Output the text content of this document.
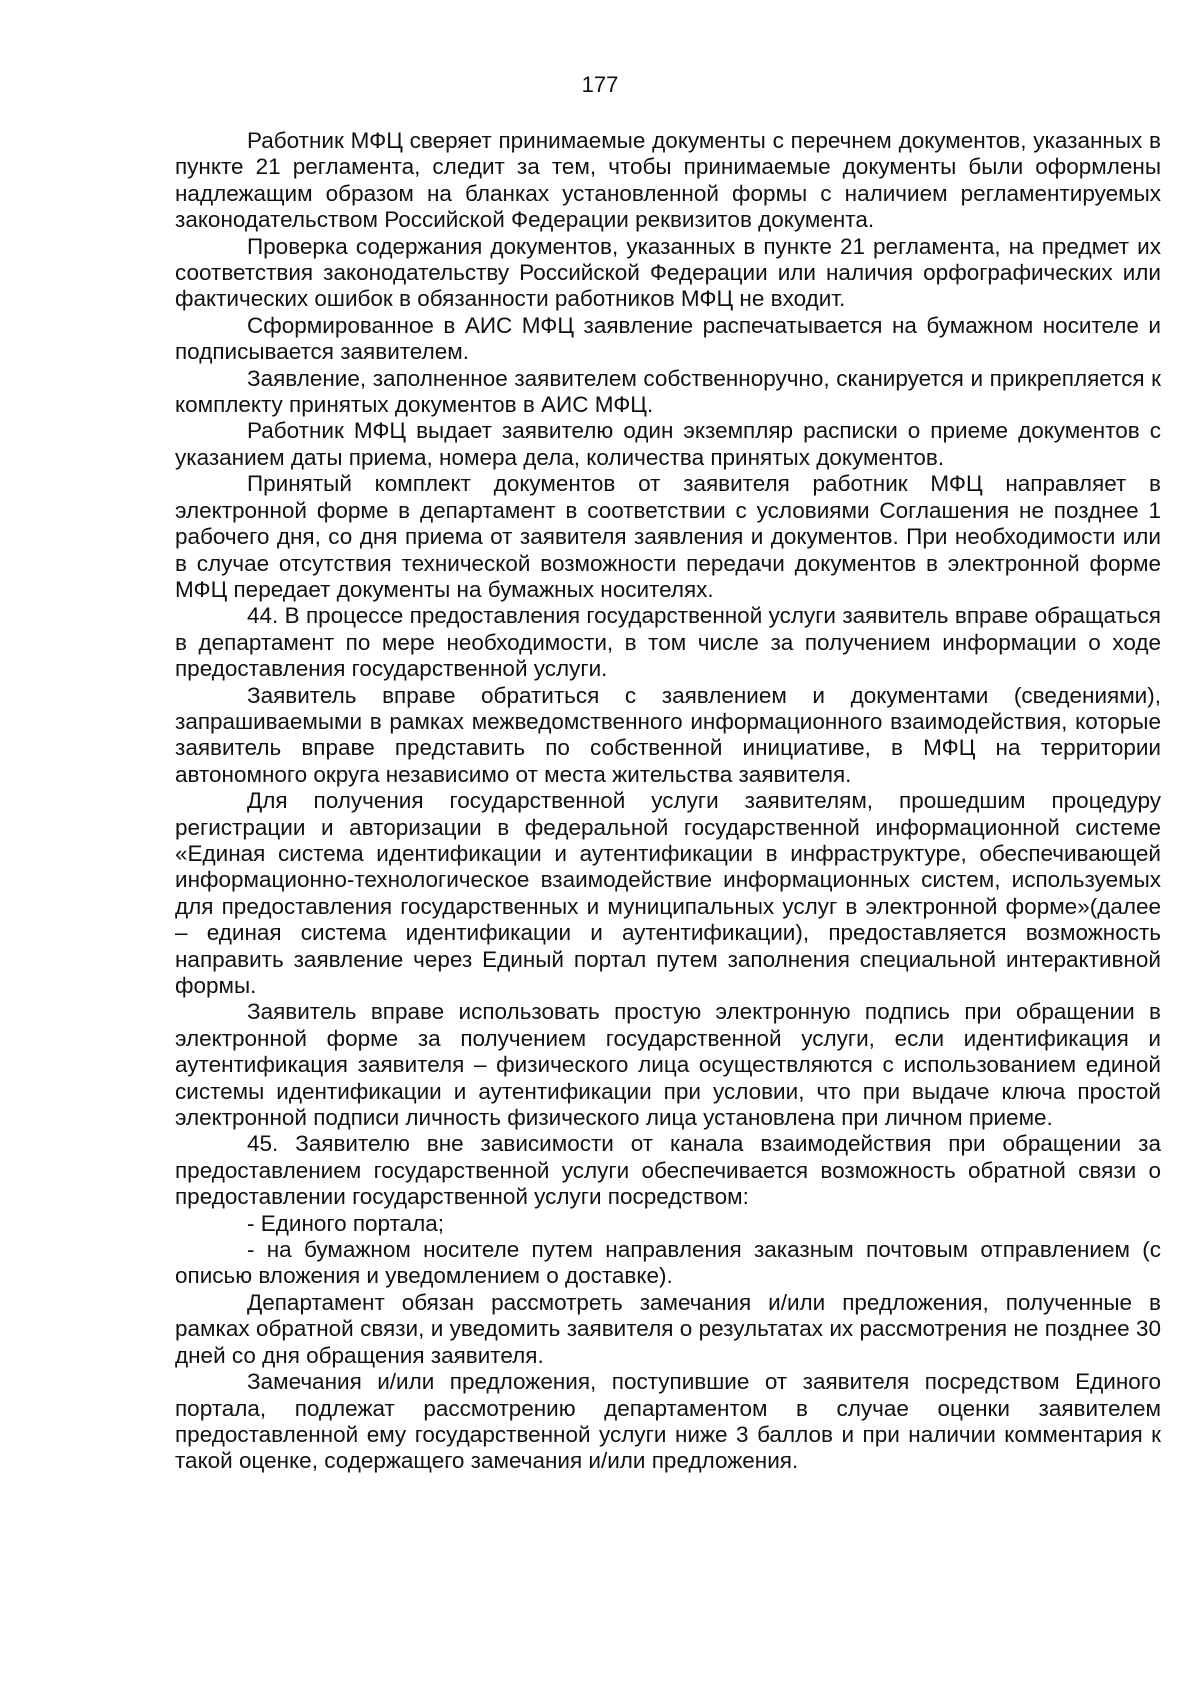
177

Работник МФЦ сверяет принимаемые документы с перечнем документов, указанных в пункте 21 регламента, следит за тем, чтобы принимаемые документы были оформлены надлежащим образом на бланках установленной формы с наличием регламентируемых законодательством Российской Федерации реквизитов документа.

Проверка содержания документов, указанных в пункте 21 регламента, на предмет их соответствия законодательству Российской Федерации или наличия орфографических или фактических ошибок в обязанности работников МФЦ не входит.

Сформированное в АИС МФЦ заявление распечатывается на бумажном носителе и подписывается заявителем.

Заявление, заполненное заявителем собственноручно, сканируется и прикрепляется к комплекту принятых документов в АИС МФЦ.

Работник МФЦ выдает заявителю один экземпляр расписки о приеме документов с указанием даты приема, номера дела, количества принятых документов.

Принятый комплект документов от заявителя работник МФЦ направляет в электронной форме в департамент в соответствии с условиями Соглашения не позднее 1 рабочего дня, со дня приема от заявителя заявления и документов. При необходимости или в случае отсутствия технической возможности передачи документов в электронной форме МФЦ передает документы на бумажных носителях.

44. В процессе предоставления государственной услуги заявитель вправе обращаться в департамент по мере необходимости, в том числе за получением информации о ходе предоставления государственной услуги.

Заявитель вправе обратиться с заявлением и документами (сведениями), запрашиваемыми в рамках межведомственного информационного взаимодействия, которые заявитель вправе представить по собственной инициативе, в МФЦ на территории автономного округа независимо от места жительства заявителя.

Для получения государственной услуги заявителям, прошедшим процедуру регистрации и авторизации в федеральной государственной информационной системе «Единая система идентификации и аутентификации в инфраструктуре, обеспечивающей информационно-технологическое взаимодействие информационных систем, используемых для предоставления государственных и муниципальных услуг в электронной форме»(далее – единая система идентификации и аутентификации), предоставляется возможность направить заявление через Единый портал путем заполнения специальной интерактивной формы.

Заявитель вправе использовать простую электронную подпись при обращении в электронной форме за получением государственной услуги, если идентификация и аутентификация заявителя – физического лица осуществляются с использованием единой системы идентификации и аутентификации при условии, что при выдаче ключа простой электронной подписи личность физического лица установлена при личном приеме.

45. Заявителю вне зависимости от канала взаимодействия при обращении за предоставлением государственной услуги обеспечивается возможность обратной связи о предоставлении государственной услуги посредством:

- Единого портала;

- на бумажном носителе путем направления заказным почтовым отправлением (с описью вложения и уведомлением о доставке).

Департамент обязан рассмотреть замечания и/или предложения, полученные в рамках обратной связи, и уведомить заявителя о результатах их рассмотрения не позднее 30 дней со дня обращения заявителя.

Замечания и/или предложения, поступившие от заявителя посредством Единого портала, подлежат рассмотрению департаментом в случае оценки заявителем предоставленной ему государственной услуги ниже 3 баллов и при наличии комментария к такой оценке, содержащего замечания и/или предложения.
